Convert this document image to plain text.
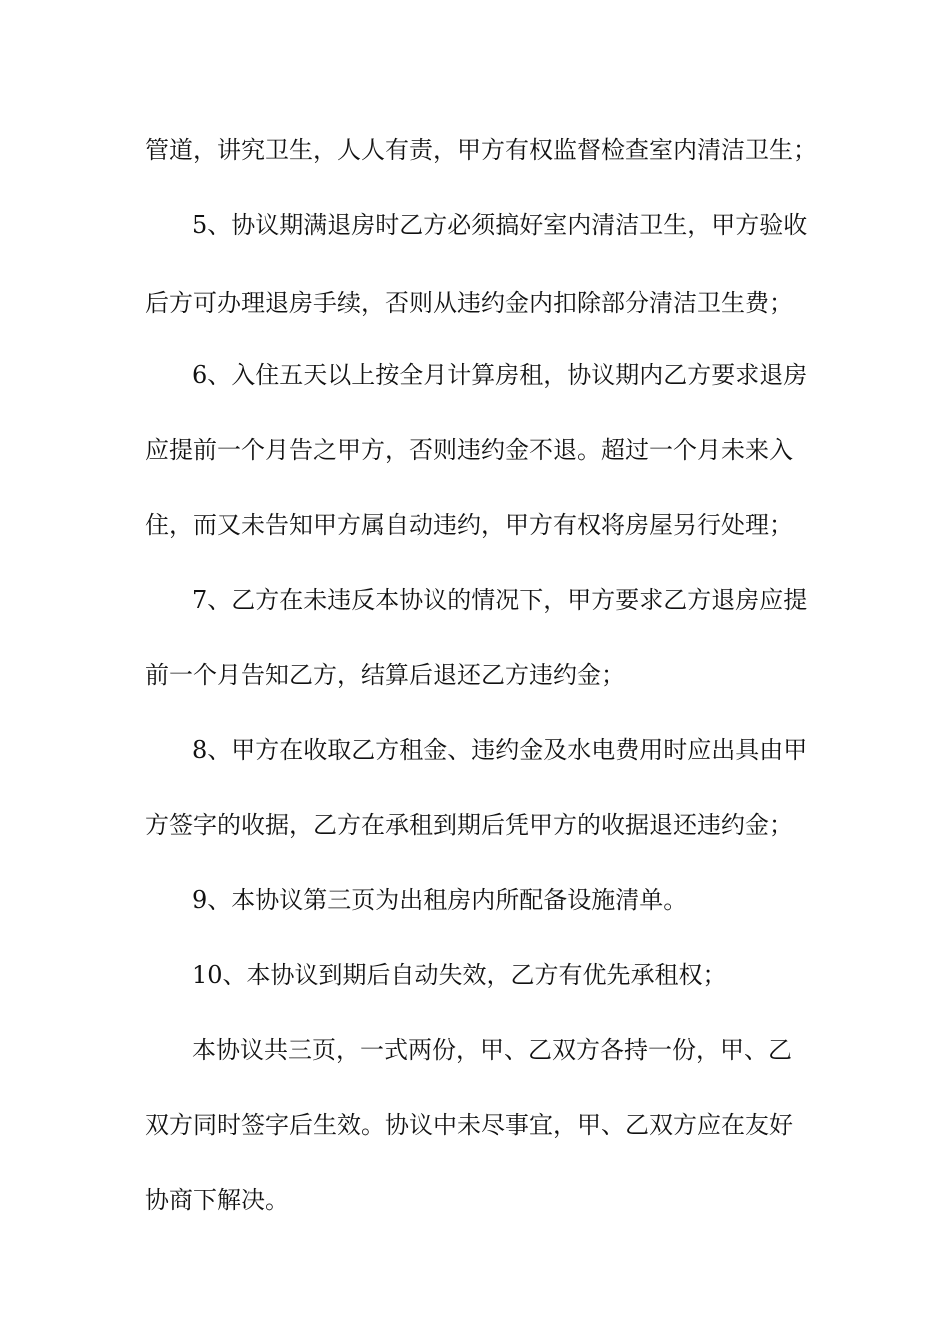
管道，讲究卫生，人人有责，甲方有权监督检查室内清洁卫生；
5、协议期满退房时乙方必须搞好室内清洁卫生，甲方验收
后方可办理退房手续，否则从违约金内扣除部分清洁卫生费；
6、入住五天以上按全月计算房租，协议期内乙方要求退房
应提前一个月告之甲方，否则违约金不退。超过一个月未来入
住，而又未告知甲方属自动违约，甲方有权将房屋另行处理；
7、乙方在未违反本协议的情况下，甲方要求乙方退房应提
前一个月告知乙方，结算后退还乙方违约金；
8、甲方在收取乙方租金、违约金及水电费用时应出具由甲
方签字的收据，乙方在承租到期后凭甲方的收据退还违约金；
9、本协议第三页为出租房内所配备设施清单。
10、本协议到期后自动失效，乙方有优先承租权；
本协议共三页，一式两份，甲、乙双方各持一份，甲、乙
双方同时签字后生效。协议中未尽事宜，甲、乙双方应在友好
协商下解决。
